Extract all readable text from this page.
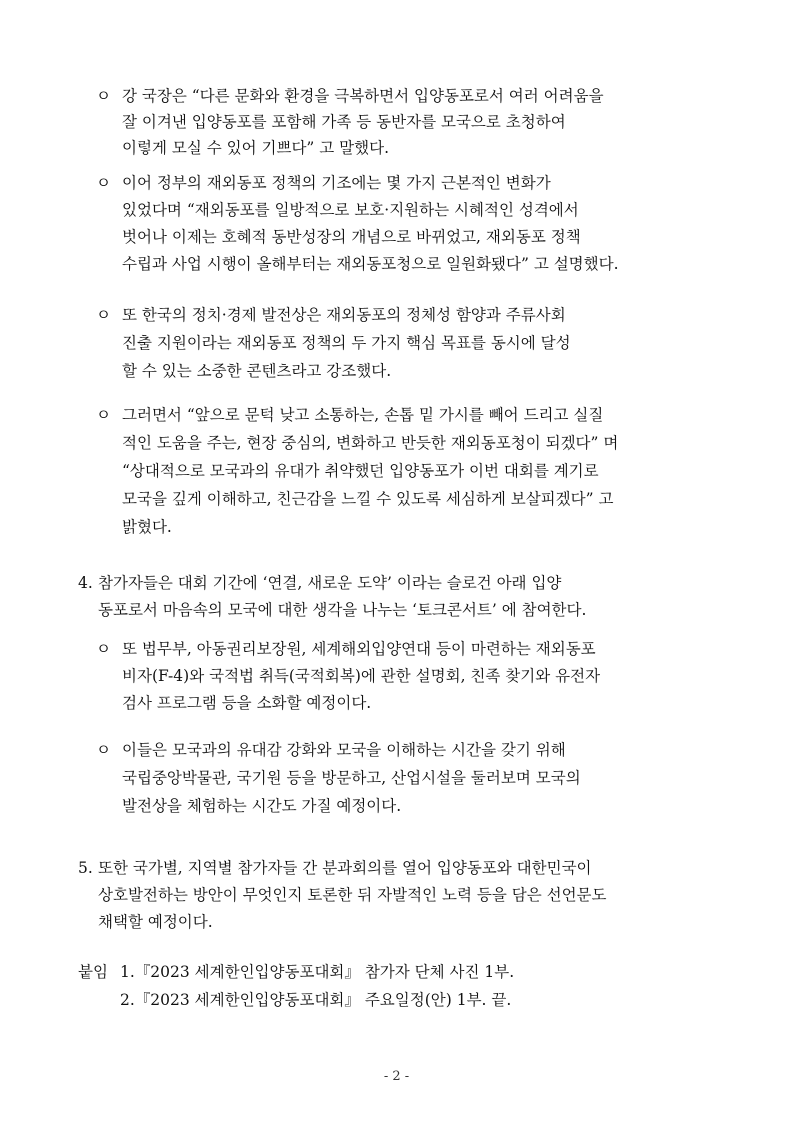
ㅇ 강 국장은 “다른 문화와 환경을 극복하면서 입양동포로서 여러 어려움을
잘 이겨낸 입양동포를 포함해 가족 등 동반자를 모국으로 초청하여
이렇게 모실 수 있어 기쁘다” 고 말했다.
ㅇ 이어 정부의 재외동포 정책의 기조에는 몇 가지 근본적인 변화가
있었다며 “재외동포를 일방적으로 보호·지원하는 시혜적인 성격에서
벗어나 이제는 호혜적 동반성장의 개념으로 바뀌었고, 재외동포 정책
수립과 사업 시행이 올해부터는 재외동포청으로 일원화됐다” 고 설명했다.
ㅇ 또 한국의 정치·경제 발전상은 재외동포의 정체성 함양과 주류사회
진출 지원이라는 재외동포 정책의 두 가지 핵심 목표를 동시에 달성
할 수 있는 소중한 콘텐츠라고 강조했다.
ㅇ 그러면서 “앞으로 문턱 낮고 소통하는, 손톱 밑 가시를 빼어 드리고 실질
적인 도움을 주는, 현장 중심의, 변화하고 반듯한 재외동포청이 되겠다” 며
“상대적으로 모국과의 유대가 취약했던 입양동포가 이번 대회를 계기로
모국을 깊게 이해하고, 친근감을 느낄 수 있도록 세심하게 보살피겠다” 고
밝혔다.
4. 참가자들은 대회 기간에 ‘연결, 새로운 도약’ 이라는 슬로건 아래 입양
동포로서 마음속의 모국에 대한 생각을 나누는 ‘토크콘서트’ 에 참여한다.
ㅇ 또 법무부, 아동권리보장원, 세계해외입양연대 등이 마련하는 재외동포
비자(F-4)와 국적법 취득(국적회복)에 관한 설명회, 친족 찾기와 유전자
검사 프로그램 등을 소화할 예정이다.
ㅇ 이들은 모국과의 유대감 강화와 모국을 이해하는 시간을 갖기 위해
국립중앙박물관, 국기원 등을 방문하고, 산업시설을 둘러보며 모국의
발전상을 체험하는 시간도 가질 예정이다.
5. 또한 국가별, 지역별 참가자들 간 분과회의를 열어 입양동포와 대한민국이
상호발전하는 방안이 무엇인지 토론한 뒤 자발적인 노력 등을 담은 선언문도
채택할 예정이다.
붙임 1.『2023 세계한인입양동포대회』 참가자 단체 사진 1부.
2.『2023 세계한인입양동포대회』 주요일정(안) 1부. 끝.
- 2 -
